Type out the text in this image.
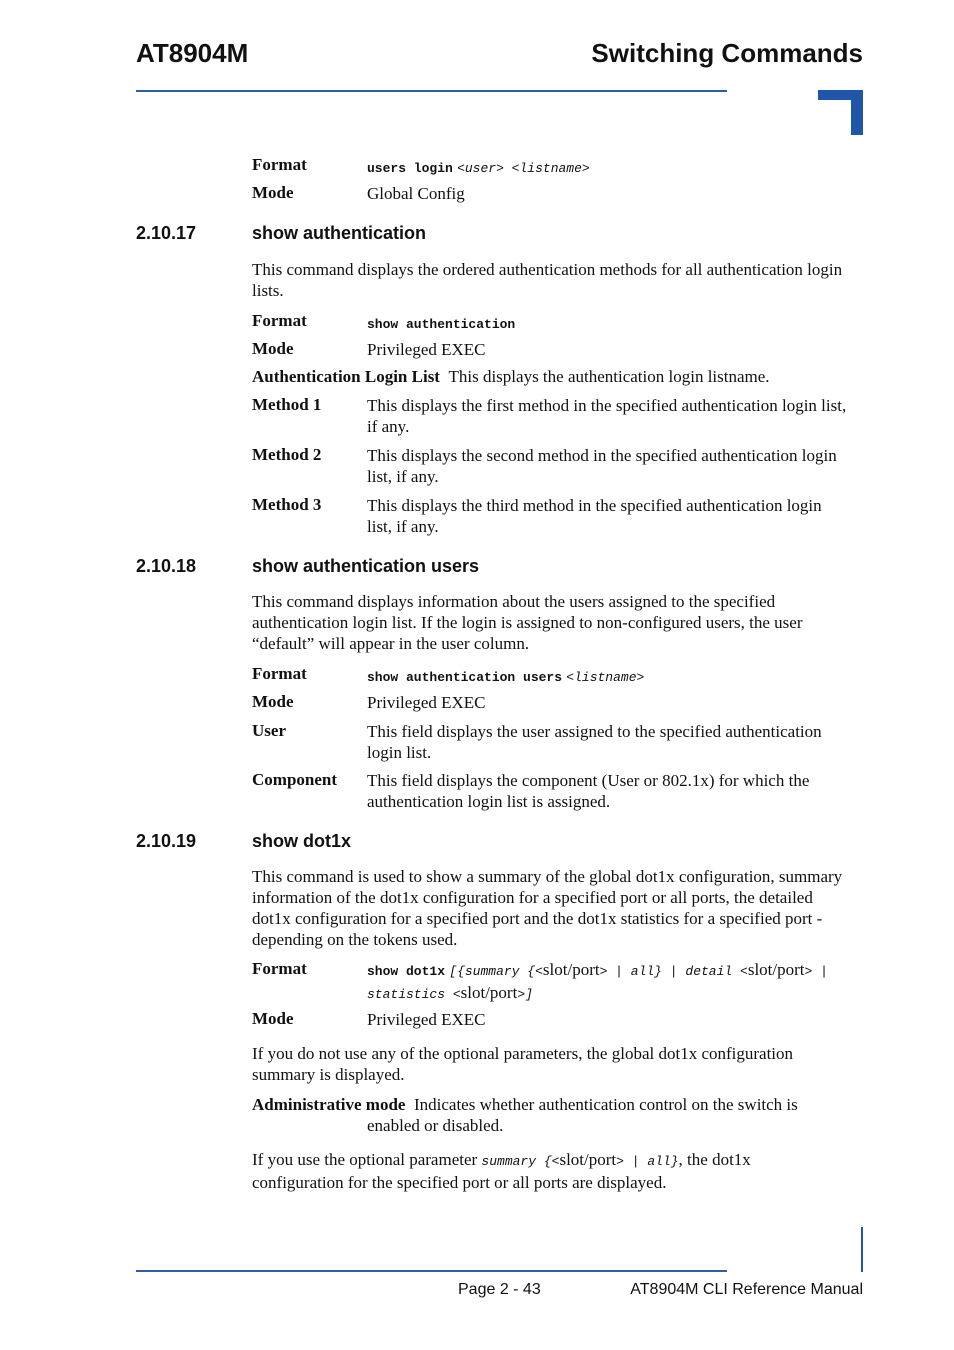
AT8904M	Switching Commands
Format	users login <user> <listname>
Mode	Global Config
2.10.17	show authentication
This command displays the ordered authentication methods for all authentication login
lists.
Format	show authentication
Mode	Privileged EXEC
Authentication Login List This displays the authentication login listname.
Method 1	This displays the first method in the specified authentication login list,
if any.
Method 2	This displays the second method in the specified authentication login
list, if any.
Method 3	This displays the third method in the specified authentication login
list, if any.
2.10.18	show authentication users
This command displays information about the users assigned to the specified
authentication login list. If the login is assigned to non-configured users, the user
“default” will appear in the user column.
Format	show authentication users <listname>
Mode	Privileged EXEC
User	This field displays the user assigned to the specified authentication
login list.
Component This field displays the component (User or 802.1x) for which the
authentication login list is assigned.
2.10.19	show dot1x
This command is used to show a summary of the global dot1x configuration, summary
information of the dot1x configuration for a specified port or all ports, the detailed
dot1x configuration for a specified port and the dot1x statistics for a specified port -
depending on the tokens used.
Format	show dot1x [{summary {<slot/port> | all} | detail <slot/port> |
statistics <slot/port>]
Mode	Privileged EXEC
If you do not use any of the optional parameters, the global dot1x configuration
summary is displayed.
Administrative mode Indicates whether authentication control on the switch is
enabled or disabled.
If you use the optional parameter summary {<slot/port> | all}, the dot1x
configuration for the specified port or all ports are displayed.
Page 2 - 43	AT8904M CLI Reference Manual
